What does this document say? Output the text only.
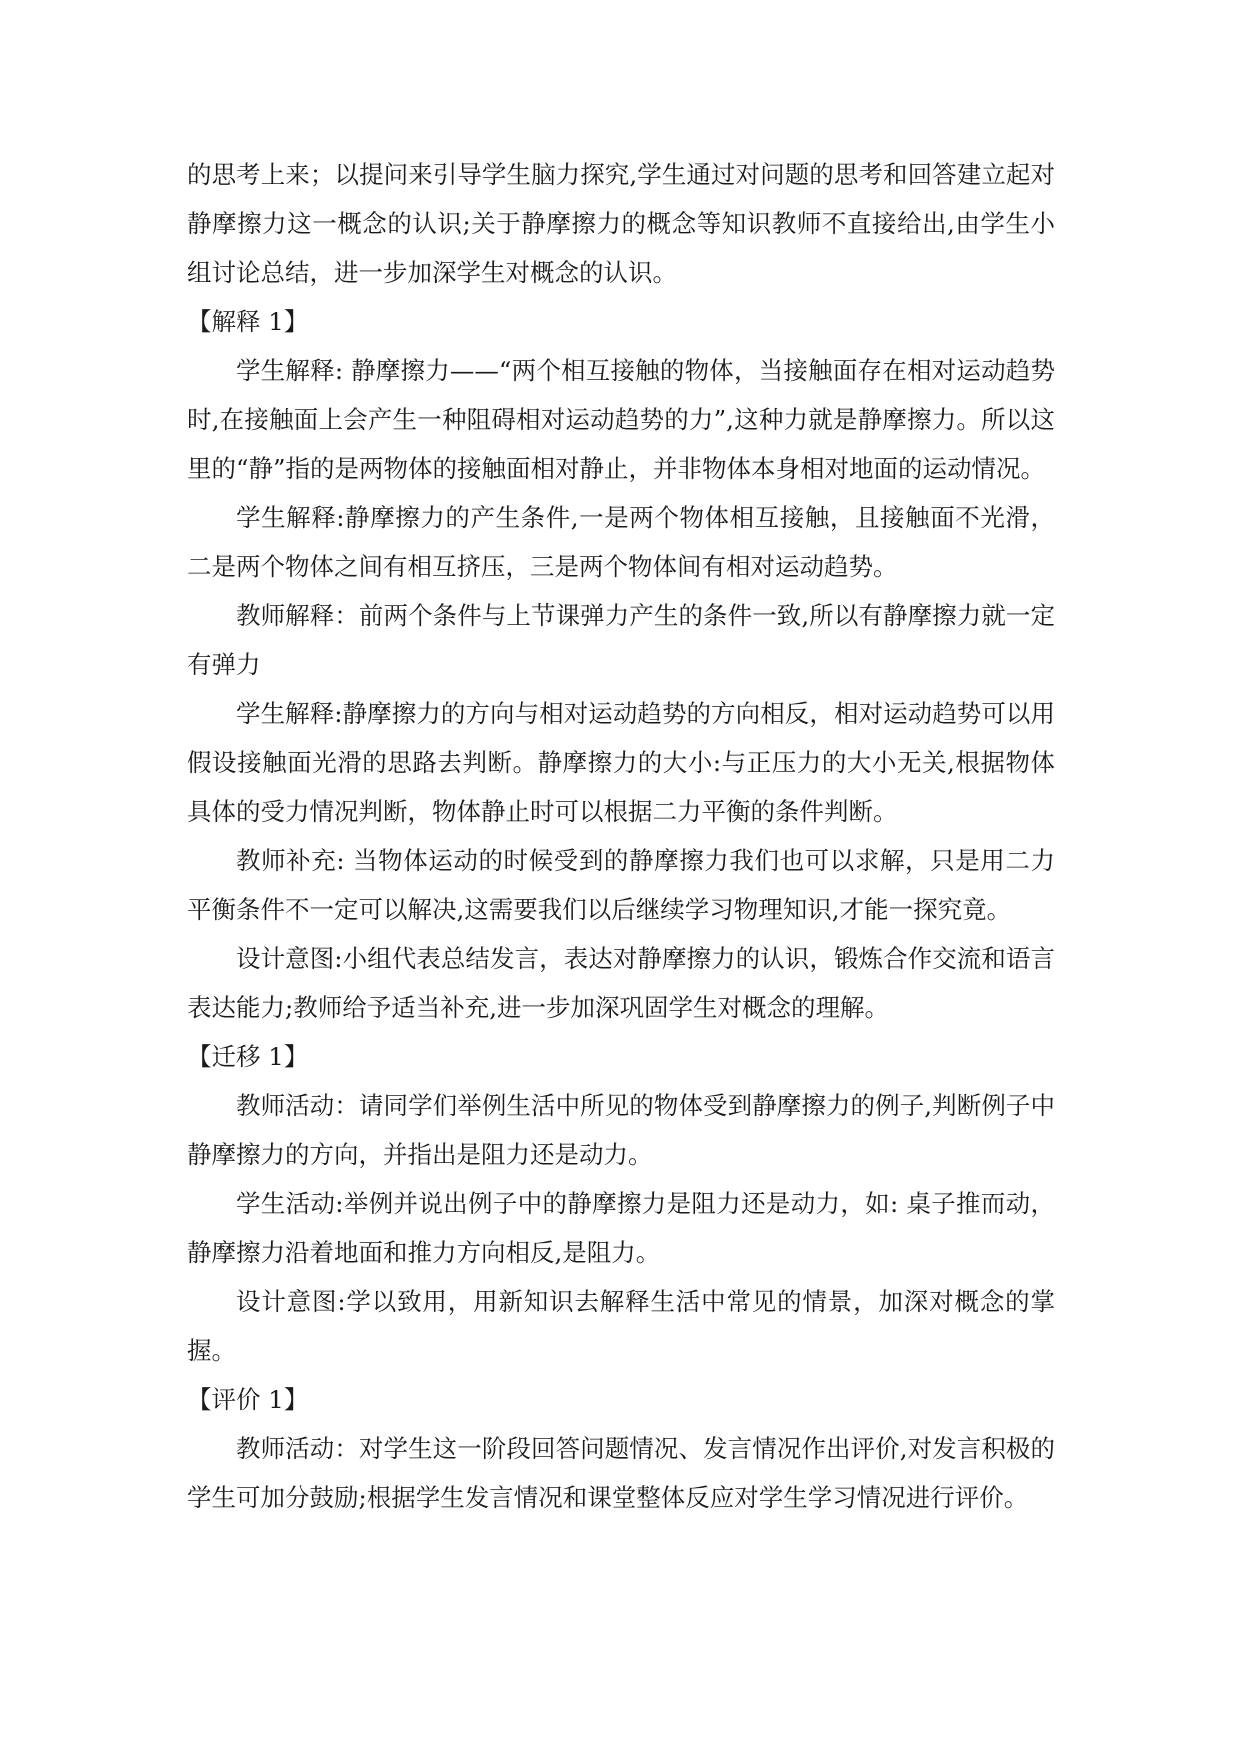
的思考上来；以提问来引导学生脑力探究,学生通过对问题的思考和回答建立起对静摩擦力这一概念的认识;关于静摩擦力的概念等知识教师不直接给出,由学生小组讨论总结，进一步加深学生对概念的认识。

【解释 1】

学生解释: 静摩擦力——“两个相互接触的物体，当接触面存在相对运动趋势时,在接触面上会产生一种阻碍相对运动趋势的力”,这种力就是静摩擦力。所以这里的“静”指的是两物体的接触面相对静止，并非物体本身相对地面的运动情况。

学生解释:静摩擦力的产生条件,一是两个物体相互接触，且接触面不光滑，二是两个物体之间有相互挤压，三是两个物体间有相对运动趋势。

教师解释：前两个条件与上节课弹力产生的条件一致,所以有静摩擦力就一定有弹力

学生解释:静摩擦力的方向与相对运动趋势的方向相反，相对运动趋势可以用假设接触面光滑的思路去判断。静摩擦力的大小:与正压力的大小无关,根据物体具体的受力情况判断，物体静止时可以根据二力平衡的条件判断。

教师补充: 当物体运动的时候受到的静摩擦力我们也可以求解，只是用二力平衡条件不一定可以解决,这需要我们以后继续学习物理知识,才能一探究竟。

设计意图:小组代表总结发言，表达对静摩擦力的认识，锻炼合作交流和语言表达能力;教师给予适当补充,进一步加深巩固学生对概念的理解。

【迁移 1】

教师活动：请同学们举例生活中所见的物体受到静摩擦力的例子,判断例子中静摩擦力的方向，并指出是阻力还是动力。

学生活动:举例并说出例子中的静摩擦力是阻力还是动力，如: 桌子推而动，静摩擦力沿着地面和推力方向相反,是阻力。

设计意图:学以致用，用新知识去解释生活中常见的情景，加深对概念的掌握。

【评价 1】

教师活动：对学生这一阶段回答问题情况、发言情况作出评价,对发言积极的学生可加分鼓励;根据学生发言情况和课堂整体反应对学生学习情况进行评价。
